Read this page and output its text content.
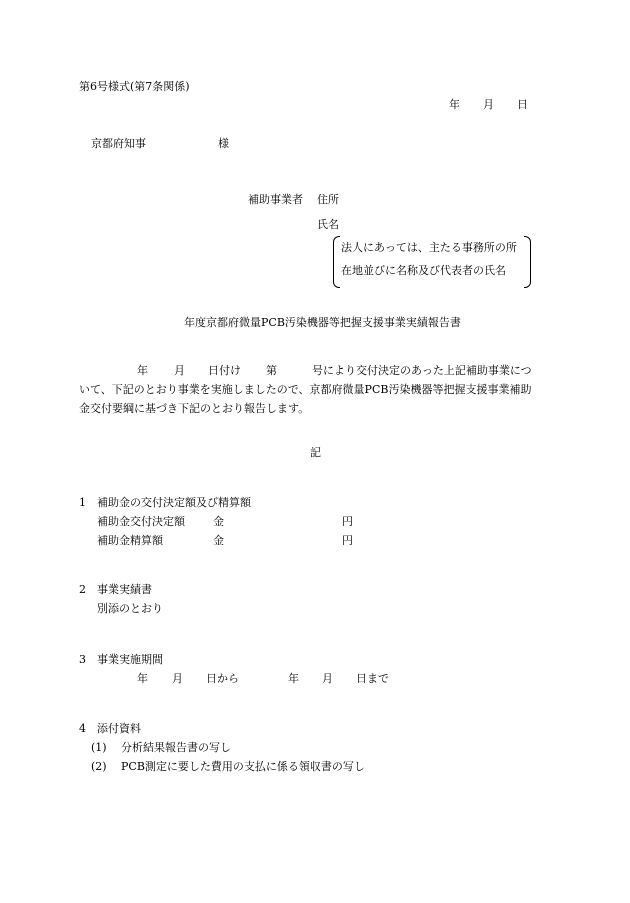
第6号様式(第7条関係)
年 月 日
京都府知事	様
補助事業者 住所
氏名
法人にあっては、主たる事務所の所
在地並びに名称及び代表者の氏名
年度京都府微量PCB汚染機器等把握支援事業実績報告書
年 月 日付け 第	号により交付決定のあった上記補助事業につ
いて、下記のとおり事業を実施しましたので、京都府微量PCB汚染機器等把握支援事業補助
金交付要綱に基づき下記のとおり報告します。
記
1　補助金の交付決定額及び精算額
補助金交付決定額	金	円
補助金精算額	金	円
2　事業実績書
別添のとおり
3　事業実施期間
年 月 日から	年 月 日まで
4　添付資料
(1) 分析結果報告書の写し
(2) PCB測定に要した費用の支払に係る領収書の写し
